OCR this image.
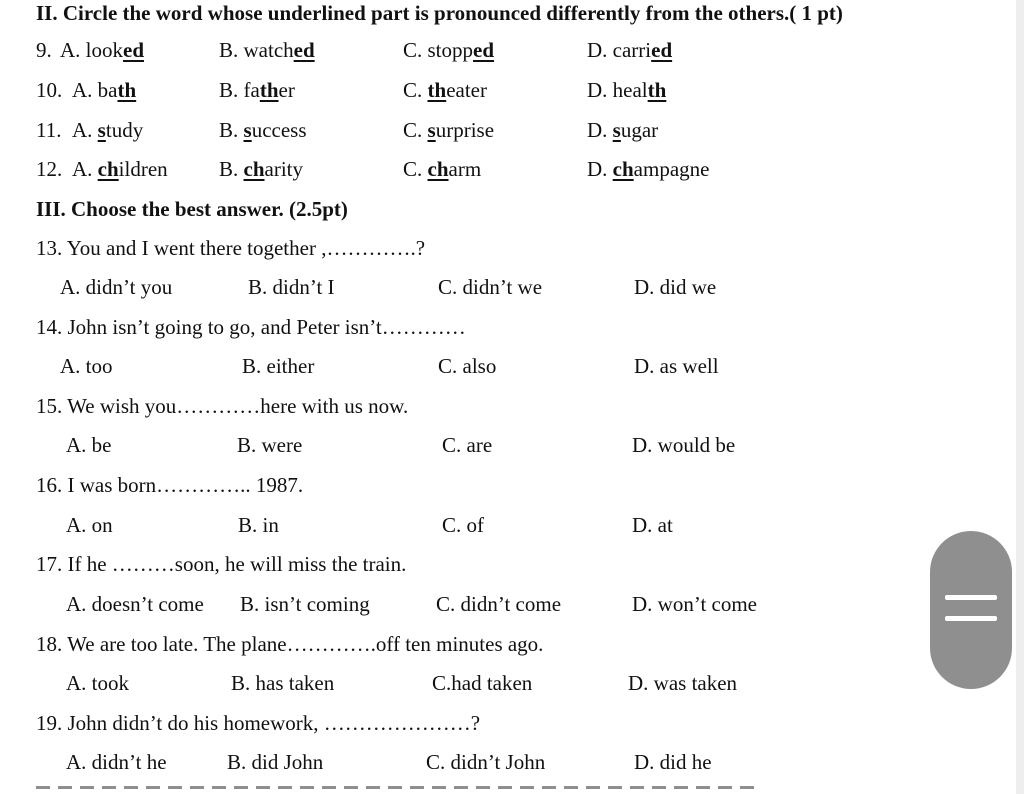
II. Circle the word whose underlined part is pronounced differently from the others.( 1 pt)
9. A. looked	B. watched	C. stopped	D. carried
10. A. bath	B. father	C. theater	D. health
11. A. study	B. success	C. surprise	D. sugar
12. A. children B. charity	C. charm	D. champagne
III. Choose the best answer. (2.5pt)
13. You and I went there together ,………….?
A. didn’t you	B. didn’t I	C. didn’t we	D. did we
14. John isn’t going to go, and Peter isn’t…………
A. too	B. either	C. also	D. as well
15. We wish you…………here with us now.
A. be	B. were	C. are	D. would be
16. I was born………….. 1987.
A. on	B. in	C. of	D. at
17. If he ………soon, he will miss the train.
A. doesn’t come B. isn’t coming	C. didn’t come	D. won’t come
18. We are too late. The plane………….off ten minutes ago.
A. took	B. has taken	C.had taken	D. was taken
19. John didn’t do his homework, …………………?
A. didn’t he	B. did John	C. didn’t John	D. did he
